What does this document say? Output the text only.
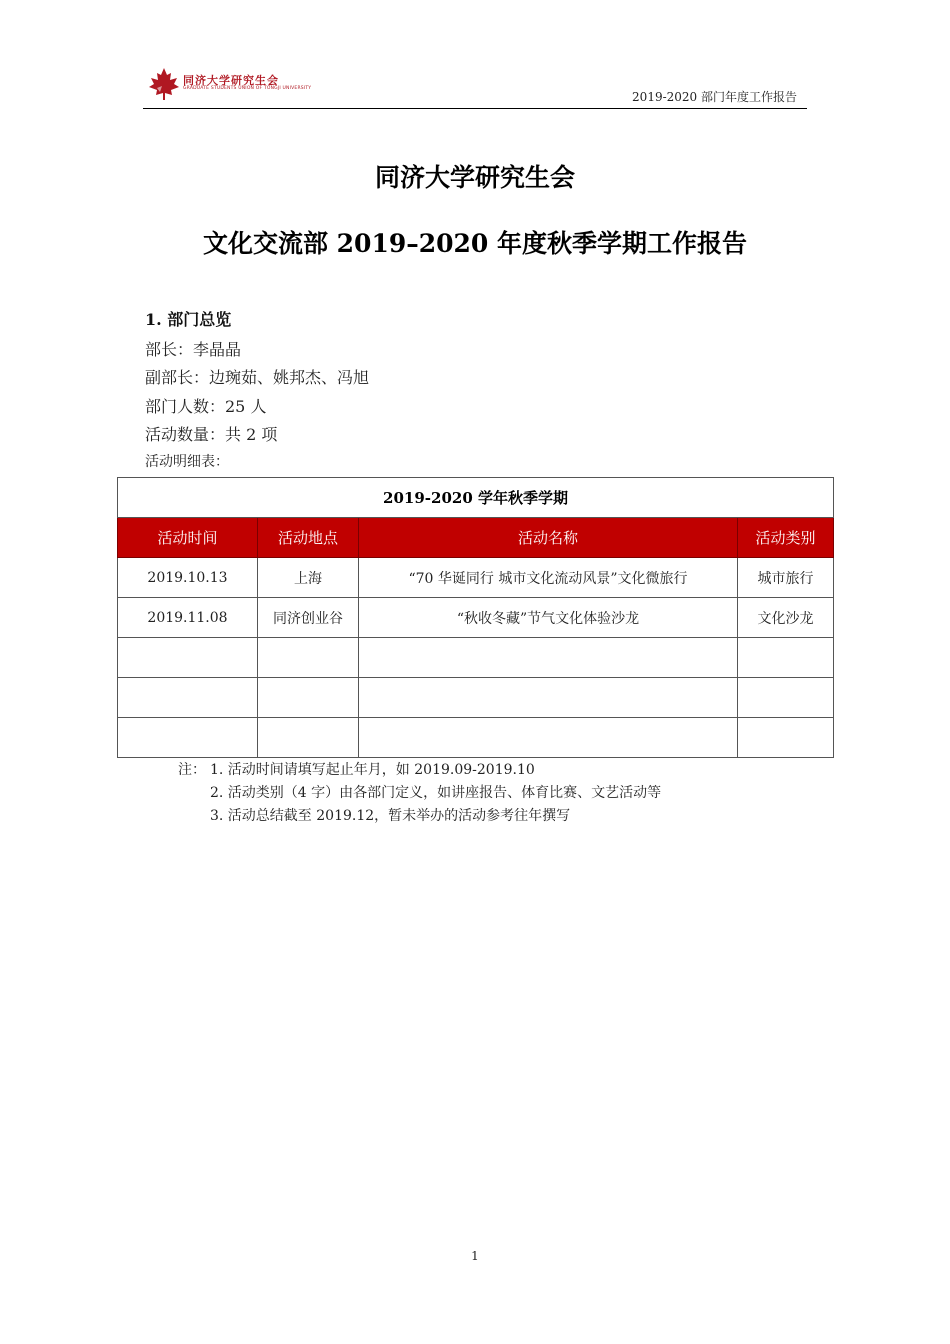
同济大学研究生会
GRADUATE STUDENTS UNION OF TONGJI UNIVERSITY
2019-2020 部门年度工作报告
同济大学研究生会
文化交流部 2019–2020 年度秋季学期工作报告
1. 部门总览
部长：李晶晶
副部长：边琬茹、姚邦杰、冯旭
部门人数：25 人
活动数量：共 2 项
活动明细表：
2019-2020 学年秋季学期			
活动时间	活动地点	活动名称	活动类别
2019.10.13	上海	“70 华诞同行 城市文化流动风景”文化微旅行	城市旅行
2019.11.08	同济创业谷	“秋收冬藏”节气文化体验沙龙	文化沙龙

注： 1. 活动时间请填写起止年月，如 2019.09-2019.10
2. 活动类别（4 字）由各部门定义，如讲座报告、体育比赛、文艺活动等
3. 活动总结截至 2019.12，暂未举办的活动参考往年撰写
1
